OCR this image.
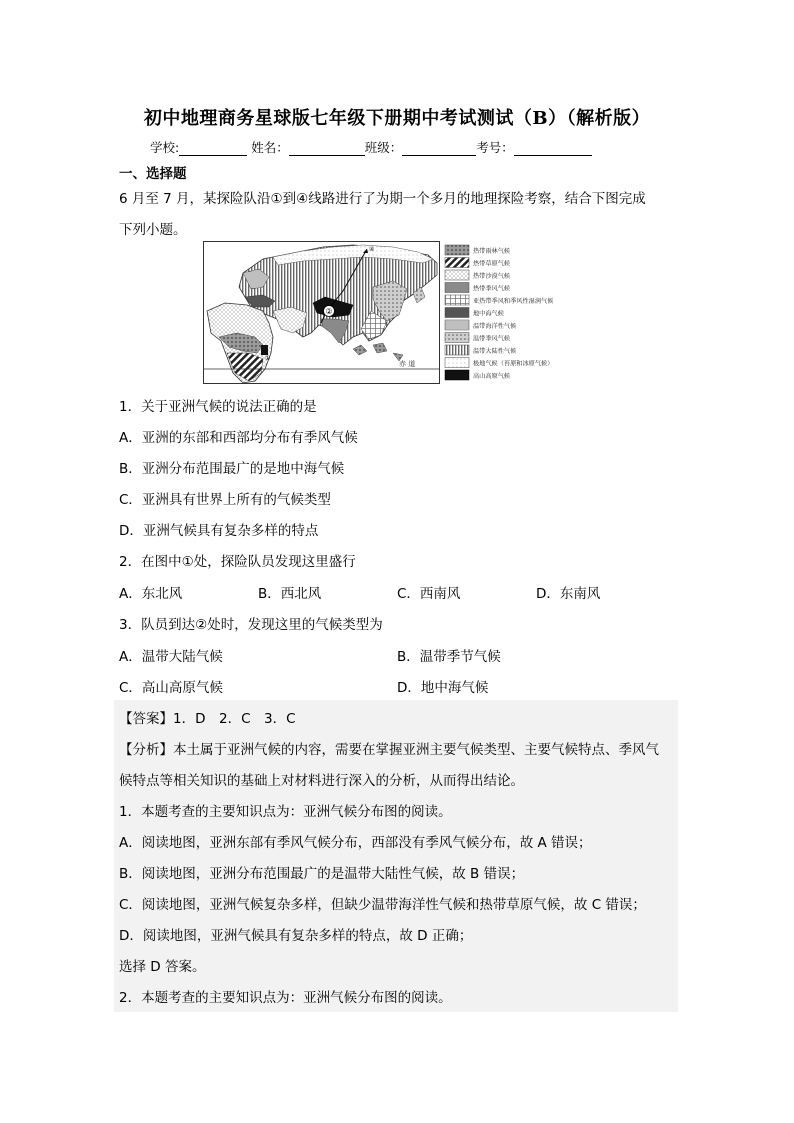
初中地理商务星球版七年级下册期中考试测试（B）（解析版）
学校:	姓名：	班级：	考号：
一、选择题
6 月至 7 月，某探险队沿①到④线路进行了为期一个多月的地理探险考察，结合下图完成
下列小题。
赤 道
②
④
①
热带雨林气候
热带草原气候
热带沙漠气候
热带季风气候
亚热带季风和季风性湿润气候
地中海气候
温带海洋性气候
温带季风气候
温带大陆性气候
极地气候（苔原和冰原气候）
高山高原气候
1．关于亚洲气候的说法正确的是
A．亚洲的东部和西部均分布有季风气候
B．亚洲分布范围最广的是地中海气候
C．亚洲具有世界上所有的气候类型
D．亚洲气候具有复杂多样的特点
2．在图中①处，探险队员发现这里盛行
A．东北风	B．西北风	C．西南风	D．东南风
3．队员到达②处时，发现这里的气候类型为
A．温带大陆气候	B．温带季节气候
C．高山高原气候	D．地中海气候
【答案】1．D　2．C　3．C
【分析】本土属于亚洲气候的内容，需要在掌握亚洲主要气候类型、主要气候特点、季风气
候特点等相关知识的基础上对材料进行深入的分析，从而得出结论。
1．本题考查的主要知识点为：亚洲气候分布图的阅读。
A．阅读地图，亚洲东部有季风气候分布，西部没有季风气候分布，故 A 错误；
B．阅读地图，亚洲分布范围最广的是温带大陆性气候，故 B 错误；
C．阅读地图，亚洲气候复杂多样，但缺少温带海洋性气候和热带草原气候，故 C 错误；
D．阅读地图，亚洲气候具有复杂多样的特点，故 D 正确；
选择 D 答案。
2．本题考查的主要知识点为：亚洲气候分布图的阅读。
